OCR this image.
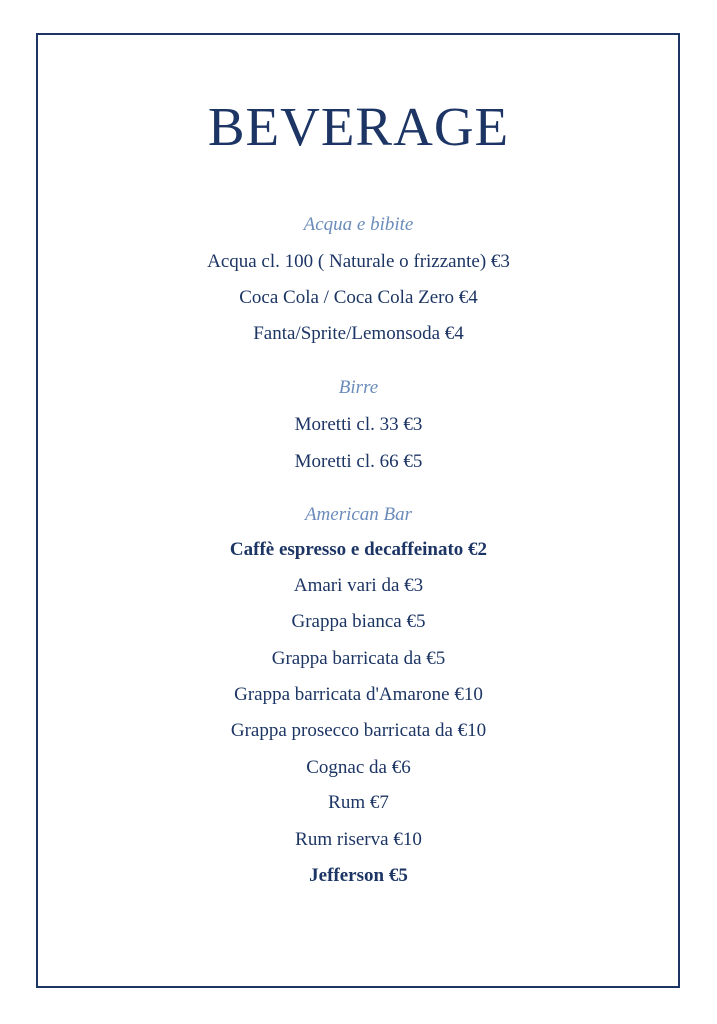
BEVERAGE
Acqua e bibite
Acqua cl. 100 ( Naturale o frizzante) €3
Coca Cola / Coca Cola Zero €4
Fanta/Sprite/Lemonsoda €4
Birre
Moretti cl. 33 €3
Moretti cl. 66 €5
American Bar
Caffè espresso e decaffeinato €2
Amari vari da €3
Grappa bianca €5
Grappa barricata da €5
Grappa barricata d'Amarone €10
Grappa prosecco barricata da €10
Cognac da €6
Rum €7
Rum riserva €10
Jefferson €5
